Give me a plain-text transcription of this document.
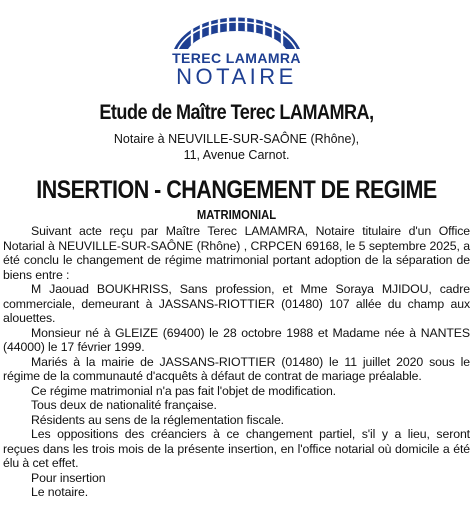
TEREC LAMAMRA
NOTAIRE
Etude de Maître Terec LAMAMRA,
Notaire à NEUVILLE-SUR-SAÔNE (Rhône),
11, Avenue Carnot.
INSERTION - CHANGEMENT DE REGIME
MATRIMONIAL

Suivant acte reçu par Maître Terec LAMAMRA, Notaire titulaire d'un Office Notarial à NEUVILLE-SUR-SAÔNE (Rhône) , CRPCEN 69168, le 5 septembre 2025, a été conclu le changement de régime matrimonial portant adoption de la séparation de biens entre :

M Jaouad BOUKHRISS, Sans profession, et Mme Soraya MJIDOU, cadre commerciale, demeurant à JASSANS-RIOTTIER (01480) 107 allée du champ aux alouettes.

Monsieur né à GLEIZE (69400) le 28 octobre 1988 et Madame née à NANTES (44000) le 17 février 1999.

Mariés à la mairie de JASSANS-RIOTTIER (01480) le 11 juillet 2020 sous le régime de la communauté d'acquêts à défaut de contrat de mariage préalable.

Ce régime matrimonial n'a pas fait l'objet de modification.

Tous deux de nationalité française.

Résidents au sens de la réglementation fiscale.

Les oppositions des créanciers à ce changement partiel, s'il y a lieu, seront reçues dans les trois mois de la présente insertion, en l'office notarial où domicile a été élu à cet effet.

Pour insertion

Le notaire.
